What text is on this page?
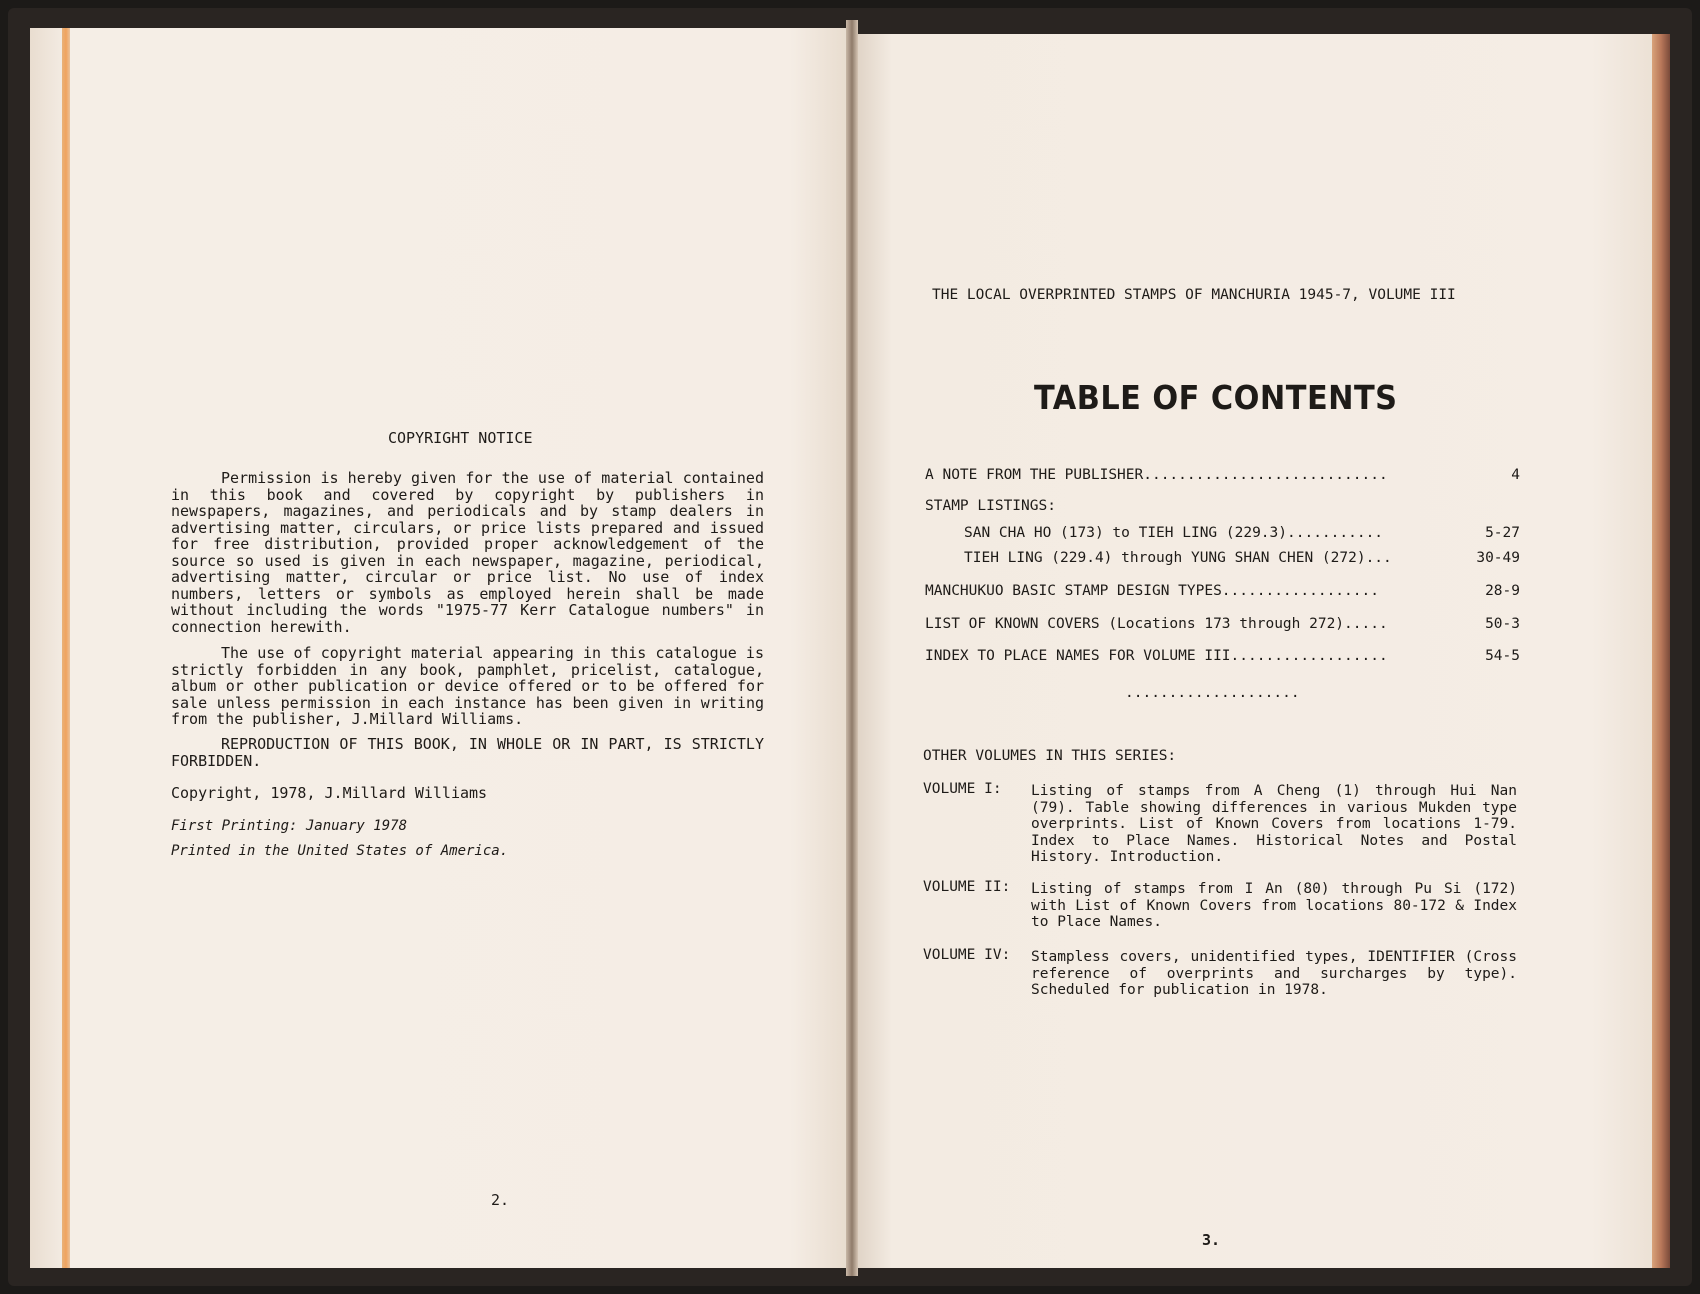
COPYRIGHT NOTICE
Permission is hereby given for the use of material contained in this book and covered by copyright by publishers in newspapers, magazines, and periodicals and by stamp dealers in advertising matter, circulars, or price lists prepared and issued for free distribution, provided proper acknowledgement of the source so used is given in each newspaper, magazine, periodical, advertising matter, circular or price list. No use of index numbers, letters or symbols as employed herein shall be made without including the words "1975-77 Kerr Catalogue numbers" in connection herewith.
The use of copyright material appearing in this catalogue is strictly forbidden in any book, pamphlet, pricelist, catalogue, album or other publication or device offered or to be offered for sale unless permission in each instance has been given in writing from the publisher, J.Millard Williams.
REPRODUCTION OF THIS BOOK, IN WHOLE OR IN PART, IS STRICTLY FORBIDDEN.
Copyright, 1978, J.Millard Williams
First Printing: January 1978
Printed in the United States of America.
2.
THE LOCAL OVERPRINTED STAMPS OF MANCHURIA 1945-7, VOLUME III
TABLE OF CONTENTS
A NOTE FROM THE PUBLISHER............................	4
STAMP LISTINGS:
SAN CHA HO (173) to TIEH LING (229.3)...........	5-27
TIEH LING (229.4) through YUNG SHAN CHEN (272)...	30-49
MANCHUKUO BASIC STAMP DESIGN TYPES..................	28-9
LIST OF KNOWN COVERS (Locations 173 through 272).....	50-3
INDEX TO PLACE NAMES FOR VOLUME III..................	54-5
....................
OTHER VOLUMES IN THIS SERIES:
VOLUME I: Listing of stamps from A Cheng (1) through Hui Nan (79). Table showing differences in various Mukden type overprints. List of Known Covers from locations 1-79. Index to Place Names. Historical Notes and Postal History. Introduction.
VOLUME II: Listing of stamps from I An (80) through Pu Si (172) with List of Known Covers from locations 80-172 & Index to Place Names.
VOLUME IV: Stampless covers, unidentified types, IDENTIFIER (Cross reference of overprints and surcharges by type). Scheduled for publication in 1978.
3.
